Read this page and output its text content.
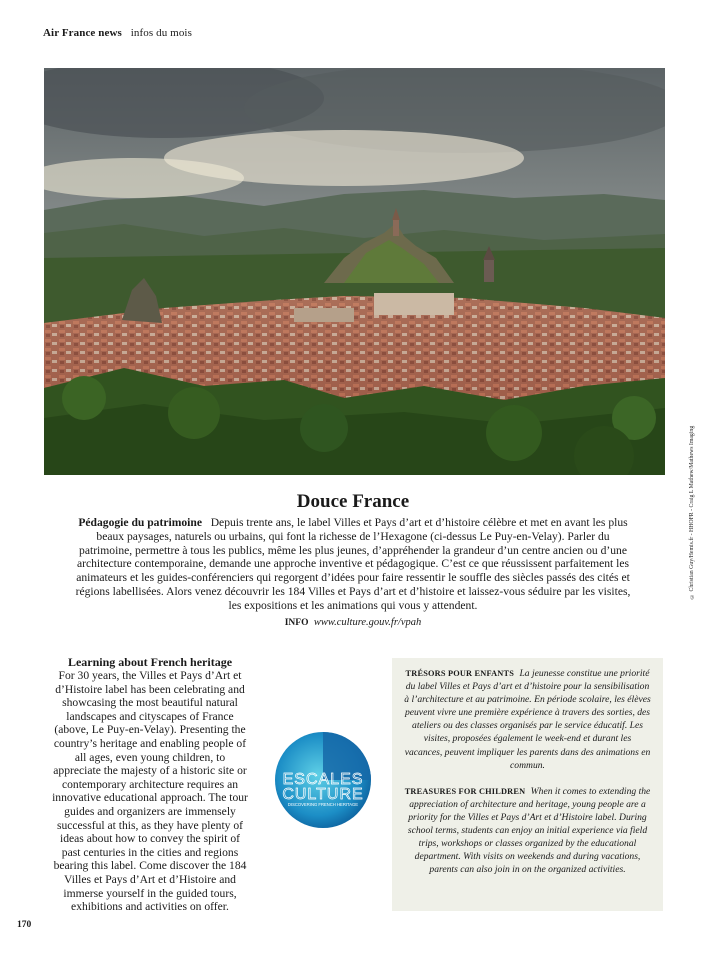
Air France news infos du mois
© Christian Guy/Hemis.fr - HHOFR - Craig L Mathew/Mathews Imaging
Douce France

Pédagogie du patrimoine Depuis trente ans, le label Villes et Pays d’art et d’histoire célèbre et met en avant les plus beaux paysages, naturels ou urbains, qui font la richesse de l’Hexagone (ci-dessus Le Puy-en-Velay). Parler du patrimoine, permettre à tous les publics, même les plus jeunes, d’appréhender la grandeur d’un centre ancien ou d’une architecture contemporaine, demande une approche inventive et pédagogique. C’est ce que réussissent parfaitement les animateurs et les guides-conférenciers qui regorgent d’idées pour faire ressentir le souffle des siècles passés des cités et régions labellisées. Alors venez découvrir les 184 Villes et Pays d’art et d’histoire et laissez-vous séduire par les visites, les expositions et les animations qui vous y attendent.

INFO www.culture.gouv.fr/vpah

Learning about French heritage

For 30 years, the Villes et Pays d’Art et d’Histoire label has been celebrating and showcasing the most beautiful natural landscapes and cityscapes of France (above, Le Puy-en-Velay). Presenting the country’s heritage and enabling people of all ages, even young children, to appreciate the majesty of a historic site or contemporary architecture requires an innovative educational approach. The tour guides and organizers are immensely successful at this, as they have plenty of ideas about how to convey the spirit of past centuries in the cities and regions bearing this label. Come discover the 184 Villes et Pays d’Art et d’Histoire and immerse yourself in the guided tours, exhibitions and activities on offer.

ESCALES
CULTURE
DISCOVERING FRENCH HERITAGE

TRÉSORS POUR ENFANTS La jeunesse constitue une priorité du label Villes et Pays d’art et d’histoire pour la sensibilisation à l’architecture et au patrimoine. En période scolaire, les élèves peuvent vivre une première expérience à travers des sorties, des ateliers ou des classes organisés par le service éducatif. Les visites, proposées également le week-end et durant les vacances, peuvent impliquer les parents dans des animations en commun.

TREASURES FOR CHILDREN When it comes to extending the appreciation of architecture and heritage, young people are a priority for the Villes et Pays d’Art et d’Histoire label. During school terms, students can enjoy an initial experience via field trips, workshops or classes organized by the educational department. With visits on weekends and during vacations, parents can also join in on the organized activities.

170
